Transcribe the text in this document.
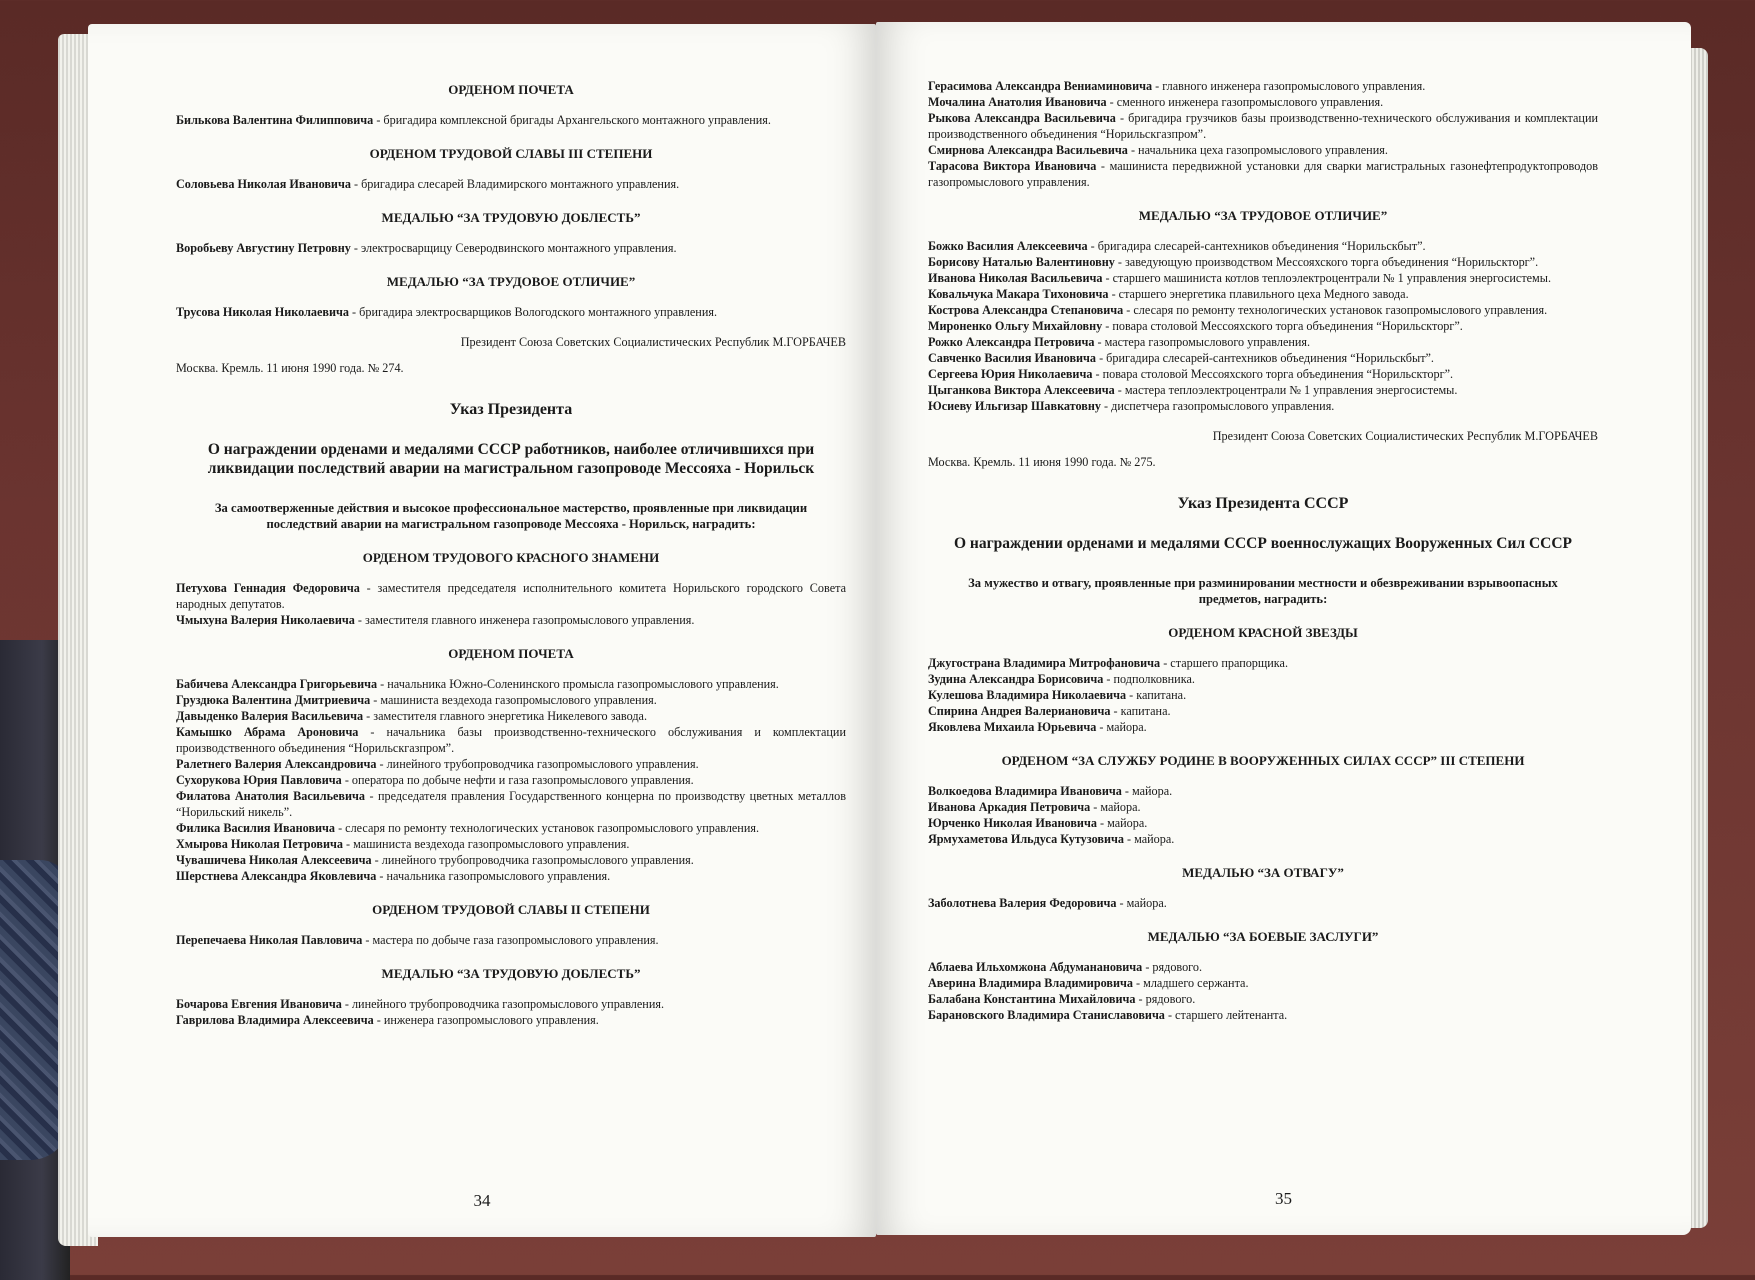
ОРДЕНОМ ПОЧЕТА

Билькова Валентина Филипповича - бригадира комплексной бригады Архангельского монтажного управления.

ОРДЕНОМ ТРУДОВОЙ СЛАВЫ III СТЕПЕНИ

Соловьева Николая Ивановича - бригадира слесарей Владимирского монтажного управления.

МЕДАЛЬЮ “ЗА ТРУДОВУЮ ДОБЛЕСТЬ”

Воробьеву Августину Петровну - электросварщицу Северодвинского монтажного управления.

МЕДАЛЬЮ “ЗА ТРУДОВОЕ ОТЛИЧИЕ”

Трусова Николая Николаевича - бригадира электросварщиков Вологодского монтажного управления.

Президент Союза Советских Социалистических Республик М.ГОРБАЧЕВ
Москва. Кремль. 11 июня 1990 года. № 274.
Указ Президента
О награждении орденами и медалями СССР работников, наиболее отличившихся при ликвидации последствий аварии на магистральном газопроводе Мессояха - Норильск
За самоотверженные действия и высокое профессиональное мастерство, проявленные при ликвидации последствий аварии на магистральном газопроводе Мессояха - Норильск, наградить:
ОРДЕНОМ ТРУДОВОГО КРАСНОГО ЗНАМЕНИ

Петухова Геннадия Федоровича - заместителя председателя исполнительного комитета Норильского городского Совета народных депутатов.

Чмыхуна Валерия Николаевича - заместителя главного инженера газопромыслового управления.

ОРДЕНОМ ПОЧЕТА

Бабичева Александра Григорьевича - начальника Южно-Соленинского промысла газопромыслового управления.

Груздюка Валентина Дмитриевича - машиниста вездехода газопромыслового управления.

Давыденко Валерия Васильевича - заместителя главного энергетика Никелевого завода.

Камышко Абрама Ароновича - начальника базы производственно-технического обслуживания и комплектации производственного объединения “Норильскгазпром”.

Ралетнего Валерия Александровича - линейного трубопроводчика газопромыслового управления.

Сухорукова Юрия Павловича - оператора по добыче нефти и газа газопромыслового управления.

Филатова Анатолия Васильевича - председателя правления Государственного концерна по производству цветных металлов “Норильский никель”.

Филика Василия Ивановича - слесаря по ремонту технологических установок газопромыслового управления.

Хмырова Николая Петровича - машиниста вездехода газопромыслового управления.

Чувашичева Николая Алексеевича - линейного трубопроводчика газопромыслового управления.

Шерстнева Александра Яковлевича - начальника газопромыслового управления.

ОРДЕНОМ ТРУДОВОЙ СЛАВЫ II СТЕПЕНИ

Перепечаева Николая Павловича - мастера по добыче газа газопромыслового управления.

МЕДАЛЬЮ “ЗА ТРУДОВУЮ ДОБЛЕСТЬ”

Бочарова Евгения Ивановича - линейного трубопроводчика газопромыслового управления.

Гаврилова Владимира Алексеевича - инженера газопромыслового управления.

34

Герасимова Александра Вениаминовича - главного инженера газопромыслового управления.

Мочалина Анатолия Ивановича - сменного инженера газопромыслового управления.

Рыкова Александра Васильевича - бригадира грузчиков базы производственно-технического обслуживания и комплектации производственного объединения “Норильскгазпром”.

Смирнова Александра Васильевича - начальника цеха газопромыслового управления.

Тарасова Виктора Ивановича - машиниста передвижной установки для сварки магистральных газонефтепродуктопроводов газопромыслового управления.

МЕДАЛЬЮ “ЗА ТРУДОВОЕ ОТЛИЧИЕ”

Божко Василия Алексеевича - бригадира слесарей-сантехников объединения “Норильскбыт”.

Борисову Наталью Валентиновну - заведующую производством Мессояхского торга объединения “Норильскторг”.

Иванова Николая Васильевича - старшего машиниста котлов теплоэлектроцентрали № 1 управления энергосистемы.

Ковальчука Макара Тихоновича - старшего энергетика плавильного цеха Медного завода.

Кострова Александра Степановича - слесаря по ремонту технологических установок газопромыслового управления.

Мироненко Ольгу Михайловну - повара столовой Мессояхского торга объединения “Норильскторг”.

Рожко Александра Петровича - мастера газопромыслового управления.

Савченко Василия Ивановича - бригадира слесарей-сантехников объединения “Норильскбыт”.

Сергеева Юрия Николаевича - повара столовой Мессояхского торга объединения “Норильскторг”.

Цыганкова Виктора Алексеевича - мастера теплоэлектроцентрали № 1 управления энергосистемы.

Юсиеву Ильгизар Шавкатовну - диспетчера газопромыслового управления.

Президент Союза Советских Социалистических Республик М.ГОРБАЧЕВ
Москва. Кремль. 11 июня 1990 года. № 275.
Указ Президента СССР
О награждении орденами и медалями СССР военнослужащих Вооруженных Сил СССР
За мужество и отвагу, проявленные при разминировании местности и обезвреживании взрывоопасных предметов, наградить:
ОРДЕНОМ КРАСНОЙ ЗВЕЗДЫ

Джугострана Владимира Митрофановича - старшего прапорщика.

Зудина Александра Борисовича - подполковника.

Кулешова Владимира Николаевича - капитана.

Спирина Андрея Валериановича - капитана.

Яковлева Михаила Юрьевича - майора.

ОРДЕНОМ “ЗА СЛУЖБУ РОДИНЕ В ВООРУЖЕННЫХ СИЛАХ СССР” III СТЕПЕНИ

Волкоедова Владимира Ивановича - майора.

Иванова Аркадия Петровича - майора.

Юрченко Николая Ивановича - майора.

Ярмухаметова Ильдуса Кутузовича - майора.

МЕДАЛЬЮ “ЗА ОТВАГУ”

Заболотнева Валерия Федоровича - майора.

МЕДАЛЬЮ “ЗА БОЕВЫЕ ЗАСЛУГИ”

Аблаева Ильхомжона Абдуманановича - рядового.

Аверина Владимира Владимировича - младшего сержанта.

Балабана Константина Михайловича - рядового.

Барановского Владимира Станиславовича - старшего лейтенанта.

35
